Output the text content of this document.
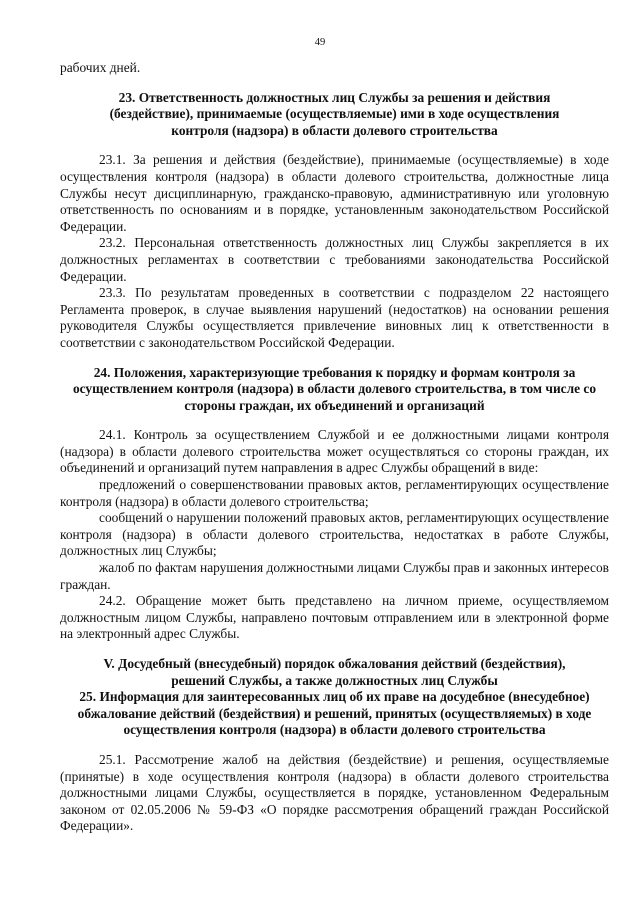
49

рабочих дней.

23. Ответственность должностных лиц Службы за решения и действия (бездействие), принимаемые (осуществляемые) ими в ходе осуществления контроля (надзора) в области долевого строительства

23.1. За решения и действия (бездействие), принимаемые (осуществляемые) в ходе осуществления контроля (надзора) в области долевого строительства, должностные лица Службы несут дисциплинарную, гражданско-правовую, административную или уголовную ответственность по основаниям и в порядке, установленным законодательством Российской Федерации.

23.2. Персональная ответственность должностных лиц Службы закрепляется в их должностных регламентах в соответствии с требованиями законодательства Российской Федерации.

23.3. По результатам проведенных в соответствии с подразделом 22 настоящего Регламента проверок, в случае выявления нарушений (недостатков) на основании решения руководителя Службы осуществляется привлечение виновных лиц к ответственности в соответствии с законодательством Российской Федерации.

24. Положения, характеризующие требования к порядку и формам контроля за осуществлением контроля (надзора) в области долевого строительства, в том числе со стороны граждан, их объединений и организаций

24.1. Контроль за осуществлением Службой и ее должностными лицами контроля (надзора) в области долевого строительства может осуществляться со стороны граждан, их объединений и организаций путем направления в адрес Службы обращений в виде:

предложений о совершенствовании правовых актов, регламентирующих осуществление контроля (надзора) в области долевого строительства;

сообщений о нарушении положений правовых актов, регламентирующих осуществление контроля (надзора) в области долевого строительства, недостатках в работе Службы, должностных лиц Службы;

жалоб по фактам нарушения должностными лицами Службы прав и законных интересов граждан.

24.2. Обращение может быть представлено на личном приеме, осуществляемом должностным лицом Службы, направлено почтовым отправлением или в электронной форме на электронный адрес Службы.

V. Досудебный (внесудебный) порядок обжалования действий (бездействия),
решений Службы, а также должностных лиц Службы
25. Информация для заинтересованных лиц об их праве на досудебное (внесудебное) обжалование действий (бездействия) и решений, принятых (осуществляемых) в ходе осуществления контроля (надзора) в области долевого строительства

25.1. Рассмотрение жалоб на действия (бездействие) и решения, осуществляемые (принятые) в ходе осуществления контроля (надзора) в области долевого строительства должностными лицами Службы, осуществляется в порядке, установленном Федеральным законом от 02.05.2006 № 59-ФЗ «О порядке рассмотрения обращений граждан Российской Федерации».
